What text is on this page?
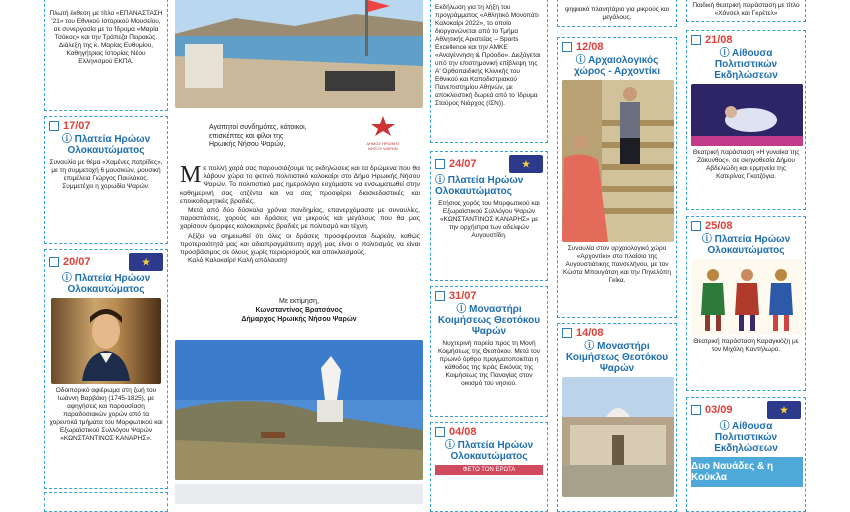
Πλωτή έκθεση με τίτλο «ΕΠΑΝΑΣΤΑΣΗ '21» του Εθνικού Ιστορικού Μουσείου, σε συνεργασία με το Ίδρυμα «Μαρία Τσάκος» και την Τράπεζα Πειραιώς. Διάλεξη της κ. Μαρίας Ευθυμίου, Καθηγήτριας Ιστορίας Νέου Ελληνισμού ΕΚΠΑ.
17/07
ⓘ Πλατεία Ηρώων Ολοκαυτώματος
Συναυλία με θέμα «Χαμένες πατρίδες», με τη συμμετοχή 6 μουσικών, μουσική επιμέλεια Γιώργος Παυλάκος. Συμμετέχει η χορωδία Ψαρών.
20/07	★
ⓘ Πλατεία Ηρώων Ολοκαυτώματος
Οδοιπορικό αφιέρωμα στη ζωή του Ιωάννη Βαρβάκη (1745-1825), με αφηγήσεις και παρουσίαση παραδοσιακών χορών από τα χορευτικά τμήματα του Μορφωτικού και Εξωραϊστικού Συλλόγου Ψαρών «ΚΩΝΣΤΑΝΤΙΝΟΣ ΚΑΝΑΡΗΣ».
Αγαπητοί συνδημότες, κάτοικοι, επισκέπτες και φίλοι της Ηρωικής Νήσου Ψαρών,	ΔΗΜΟΣ ΗΡΩΙΚΗΣ ΝΗΣΟΥ ΨΑΡΩΝ

Με πολλή χαρά σας παρουσιάζουμε τις εκδηλώσεις και τα δρώμενα που θα λάβουν χώρα το φετινό πολιτιστικό καλοκαίρι στο Δήμο Ηρωικής Νήσου Ψαρών. Το πολιτιστικό μας ημερολόγιο ευχόμαστε να ενσωματωθεί στην καθημερινή σας ατζέντα και να σας προσφέρει διασκεδαστικές και εποικοδομητικές βραδιές.

Μετά από δύο δύσκολα χρόνια πανδημίας, επανερχόμαστε με συναυλίες, παραστάσεις, χορούς και δράσεις για μικρούς και μεγάλους που θα μας χαρίσουν όμορφες καλοκαιρινές βραδιές με πολιτισμό και τέχνη.

Αξίζει να σημειωθεί ότι όλες οι δράσεις προσφέρονται δωρεάν, καθώς προτεραιότητά μας και αδιαπραγμάτευτη αρχή μας είναι ο πολιτισμός να είναι προσβάσιμος σε όλους χωρίς περιορισμούς και αποκλεισμούς.

Καλό Καλοκαίρι! Καλή απόλαυση!

Με εκτίμηση,
Κωνσταντίνος Βρατσάνος
Δήμαρχος Ηρωικής Νήσου Ψαρών
Εκδήλωση για τη λήξη του προγράμματος «Αθλητικό Μονοπάτι Καλοκαίρι 2022», το οποίο διοργανώνεται από το Τμήμα Αθλητικής Αριστείας – Sports Excellence και την ΑΜΚΕ «Αναγέννηση & Πρόοδο». Διεξάγεται υπό την επιστημονική επίβλεψη της Α' Ορθοπαιδικής Κλινικής του Εθνικού και Καποδιστριακού Πανεπιστημίου Αθηνών, με αποκλειστική δωρεά από το Ίδρυμα Σταύρος Νιάρχος (ΙΣΝ)).
24/07	★
ⓘ Πλατεία Ηρώων Ολοκαυτώματος
Ετήσιος χορός του Μορφωτικού και Εξωραϊστικού Συλλόγου Ψαρών «ΚΩΝΣΤΑΝΤΙΝΟΣ ΚΑΝΑΡΗΣ» με την ορχήστρα των αδελφών Αυγουστίδη.
31/07
ⓘ Μοναστήρι Κοιμήσεως Θεοτόκου Ψαρών
Νυχτερινή πορεία προς τη Μονή Κοιμήσεως της Θεοτόκου. Μετά τον πρωινό όρθρο πραγματοποιείται η κάθοδος της Ιεράς Εικόνας της Κοιμήσεως της Παναγίας στον οικισμό του νησιού.
04/08
ⓘ Πλατεία Ηρώων Ολοκαυτώματος
ΦΕΤΟ ΤΟΝ ΕΡΩΤΑ
ψηφιακό πλανητάριο για μικρούς και μεγάλους.
12/08
ⓘ Αρχαιολογικός χώρος - Αρχοντίκι
Συναυλία στον αρχαιολογικό χώρο «Αρχοντίκι» στο πλαίσιο της Αυγουστιάτικης πανσελήνου, με τον Κώστα Μπουγάτση και την Πηνελόπη Γκίκα.
14/08
ⓘ Μοναστήρι Κοιμήσεως Θεοτόκου Ψαρών
Παιδική θεατρική παράσταση με τίτλο «Χάνσελ και Γκρέτελ»
21/08
ⓘ Αίθουσα Πολιτιστικών Εκδηλώσεων
Θεατρική παράσταση «Η γυναίκα της Ζάκυνθος», σε σκηνοθεσία Δήμου Αβδελιώδη και ερμηνεία της Κατερίνας Γκατζόγια.
25/08
ⓘ Πλατεία Ηρώων Ολοκαυτώματος
Θεατρική παράσταση Καραγκιόζη με τον Μιχάλη Καντήλωρο.
03/09	★
ⓘ Αίθουσα Πολιτιστικών Εκδηλώσεων
Δυο Ναυάδες & η Κούκλα
